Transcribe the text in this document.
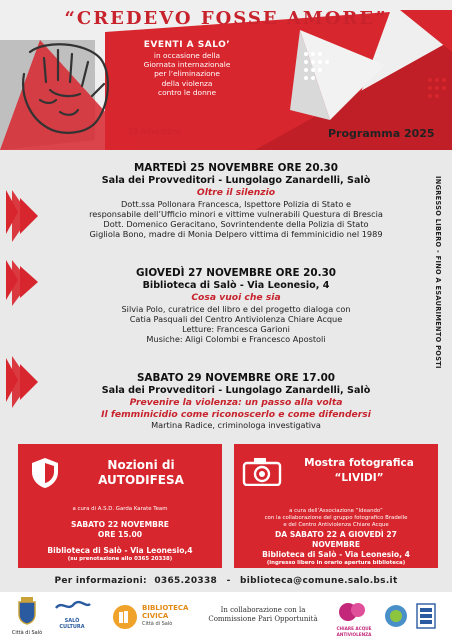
“CREDEVO FOSSE AMORE”
EVENTI A SALO’
in occasione della
Giornata internazionale
per l’eliminazione
della violenza
contro le donne
25 novembre	Programma 2025
MARTEDÌ 25 NOVEMBRE ORE 20.30
Sala dei Provveditori - Lungolago Zanardelli, Salò
Oltre il silenzio
Dott.ssa Pollonara Francesca, Ispettore Polizia di Stato e
responsabile dell’Ufficio minori e vittime vulnerabili Questura di Brescia
Dott. Domenico Geracitano, Sovrintendente della Polizia di Stato
Gigliola Bono, madre di Monia Delpero vittima di femminicidio nel 1989
GIOVEDÌ 27 NOVEMBRE ORE 20.30
Biblioteca di Salò - Via Leonesio, 4
Cosa vuoi che sia
Silvia Polo, curatrice del libro e del progetto dialoga con
Catia Pasquali del Centro Antiviolenza Chiare Acque
Letture: Francesca Garioni
Musiche: Aligi Colombi e Francesco Apostoli
SABATO 29 NOVEMBRE ORE 17.00
Sala dei Provveditori - Lungolago Zanardelli, Salò
Prevenire la violenza: un passo alla volta
Il femminicidio come riconoscerlo e come difendersi
Martina Radice, criminologa investigativa
INGRESSO LIBERO - FINO A ESAURIMENTO POSTI
Nozioni di
AUTODIFESA
a cura di A.S.D. Garda Karate Team
SABATO 22 NOVEMBRE
ORE 15.00
Biblioteca di Salò - Via Leonesio,4
(su prenotazione allo 0365 20338)
Mostra fotografica
“LIVIDI”
a cura dell’Associazione “Ideando”
con la collaborazione del gruppo fotografico Bradelle
e del Centro Antiviolenza Chiare Acque
DA SABATO 22 A GIOVEDÌ 27
NOVEMBRE
Biblioteca di Salò - Via Leonesio, 4
(ingresso libero in orario apertura biblioteca)
Per informazioni: 0365.20338 - biblioteca@comune.salo.bs.it
Città di Salò
SALÒ
CULTURA
BIBLIOTECA
CIVICA
Città di Salò
In collaborazione con la
Commissione Pari Opportunità
CHIARE ACQUE
ANTIVIOLENZA
